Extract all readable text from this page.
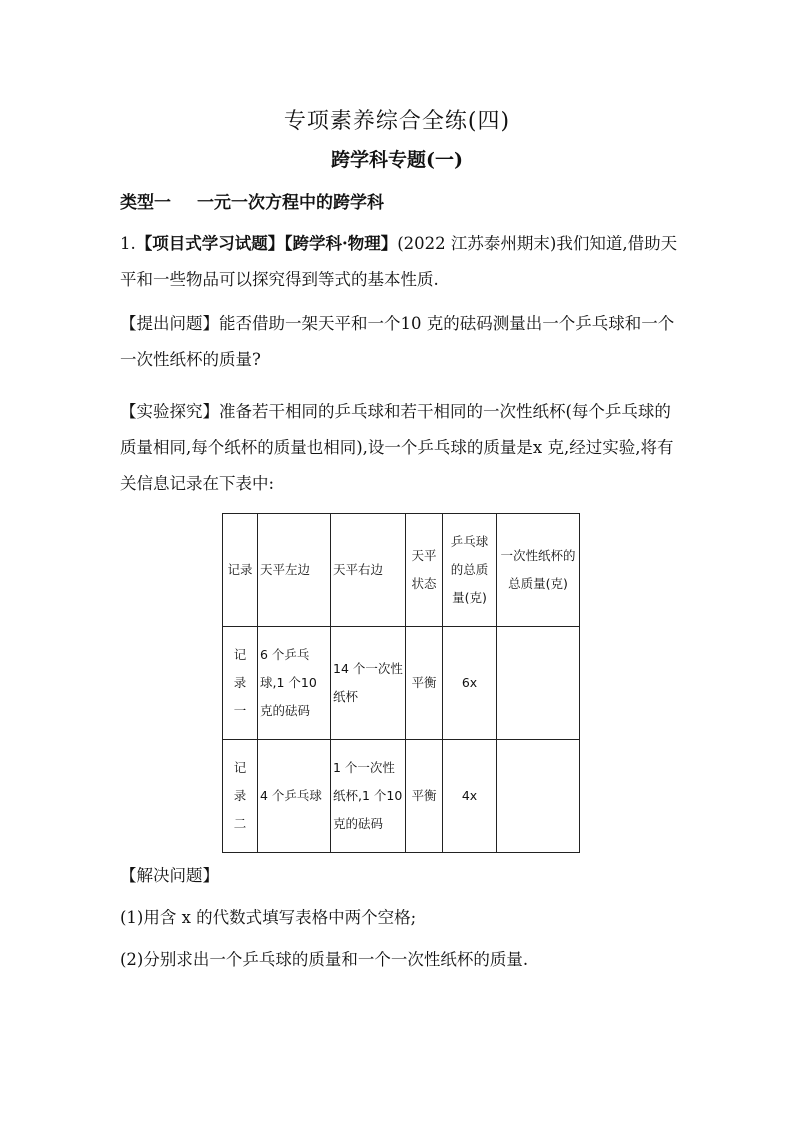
专项素养综合全练(四)
跨学科专题(一)
类型一 一元一次方程中的跨学科
1.【项目式学习试题】【跨学科·物理】(2022 江苏泰州期末)我们知道,借助天平和一些物品可以探究得到等式的基本性质.
【提出问题】能否借助一架天平和一个10 克的砝码测量出一个乒乓球和一个一次性纸杯的质量?
【实验探究】准备若干相同的乒乓球和若干相同的一次性纸杯(每个乒乓球的质量相同,每个纸杯的质量也相同),设一个乒乓球的质量是x 克,经过实验,将有关信息记录在下表中:
记录	天平左边	天平右边	天平状态	乒乓球的总质量(克)	一次性纸杯的总质量(克)
记录一	6 个乒乓球,1 个10 克的砝码	14 个一次性纸杯	平衡	6x	
记录二	4 个乒乓球	1 个一次性纸杯,1 个10 克的砝码	平衡	4x	
【解决问题】
(1)用含 x 的代数式填写表格中两个空格;
(2)分别求出一个乒乓球的质量和一个一次性纸杯的质量.
